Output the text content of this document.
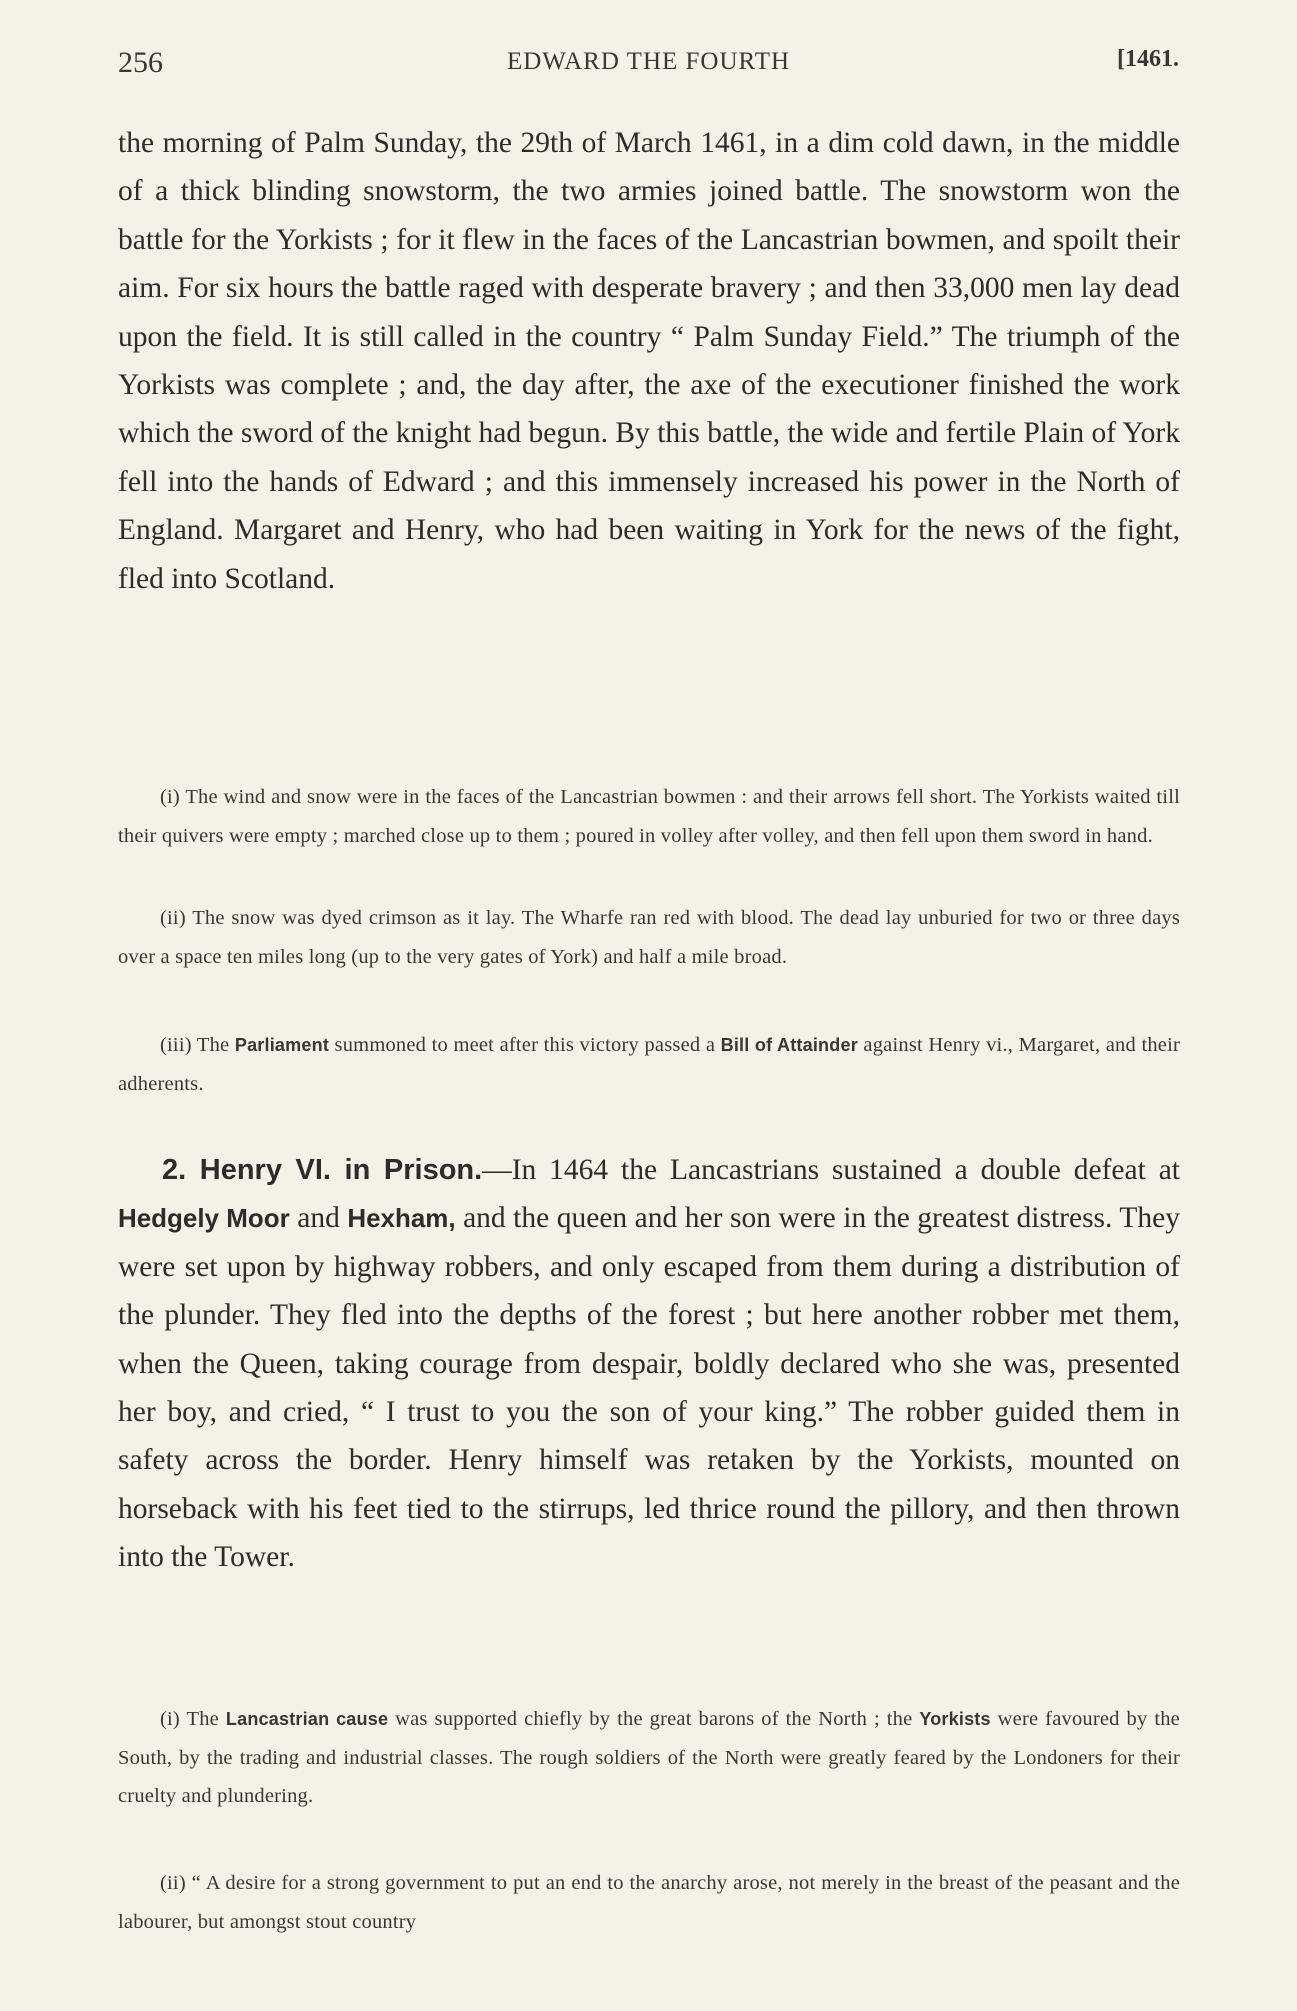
256	EDWARD THE FOURTH	[1461.

the morning of Palm Sunday, the 29th of March 1461, in a dim cold dawn, in the middle of a thick blinding snowstorm, the two armies joined battle. The snowstorm won the battle for the Yorkists ; for it flew in the faces of the Lancastrian bowmen, and spoilt their aim. For six hours the battle raged with desperate bravery ; and then 33,000 men lay dead upon the field. It is still called in the country “ Palm Sunday Field.” The triumph of the Yorkists was complete ; and, the day after, the axe of the executioner finished the work which the sword of the knight had begun. By this battle, the wide and fertile Plain of York fell into the hands of Edward ; and this immensely increased his power in the North of England. Margaret and Henry, who had been waiting in York for the news of the fight, fled into Scotland.

(i) The wind and snow were in the faces of the Lancastrian bowmen : and their arrows fell short. The Yorkists waited till their quivers were empty ; marched close up to them ; poured in volley after volley, and then fell upon them sword in hand.

(ii) The snow was dyed crimson as it lay. The Wharfe ran red with blood. The dead lay unburied for two or three days over a space ten miles long (up to the very gates of York) and half a mile broad.

(iii) The Parliament summoned to meet after this victory passed a Bill of Attainder against Henry vi., Margaret, and their adherents.

2. Henry VI. in Prison.—In 1464 the Lancastrians sustained a double defeat at Hedgely Moor and Hexham, and the queen and her son were in the greatest distress. They were set upon by highway robbers, and only escaped from them during a distribution of the plunder. They fled into the depths of the forest ; but here another robber met them, when the Queen, taking courage from despair, boldly declared who she was, presented her boy, and cried, “ I trust to you the son of your king.” The robber guided them in safety across the border. Henry himself was retaken by the Yorkists, mounted on horseback with his feet tied to the stirrups, led thrice round the pillory, and then thrown into the Tower.

(i) The Lancastrian cause was supported chiefly by the great barons of the North ; the Yorkists were favoured by the South, by the trading and industrial classes. The rough soldiers of the North were greatly feared by the Londoners for their cruelty and plundering.

(ii) “ A desire for a strong government to put an end to the anarchy arose, not merely in the breast of the peasant and the labourer, but amongst stout country
